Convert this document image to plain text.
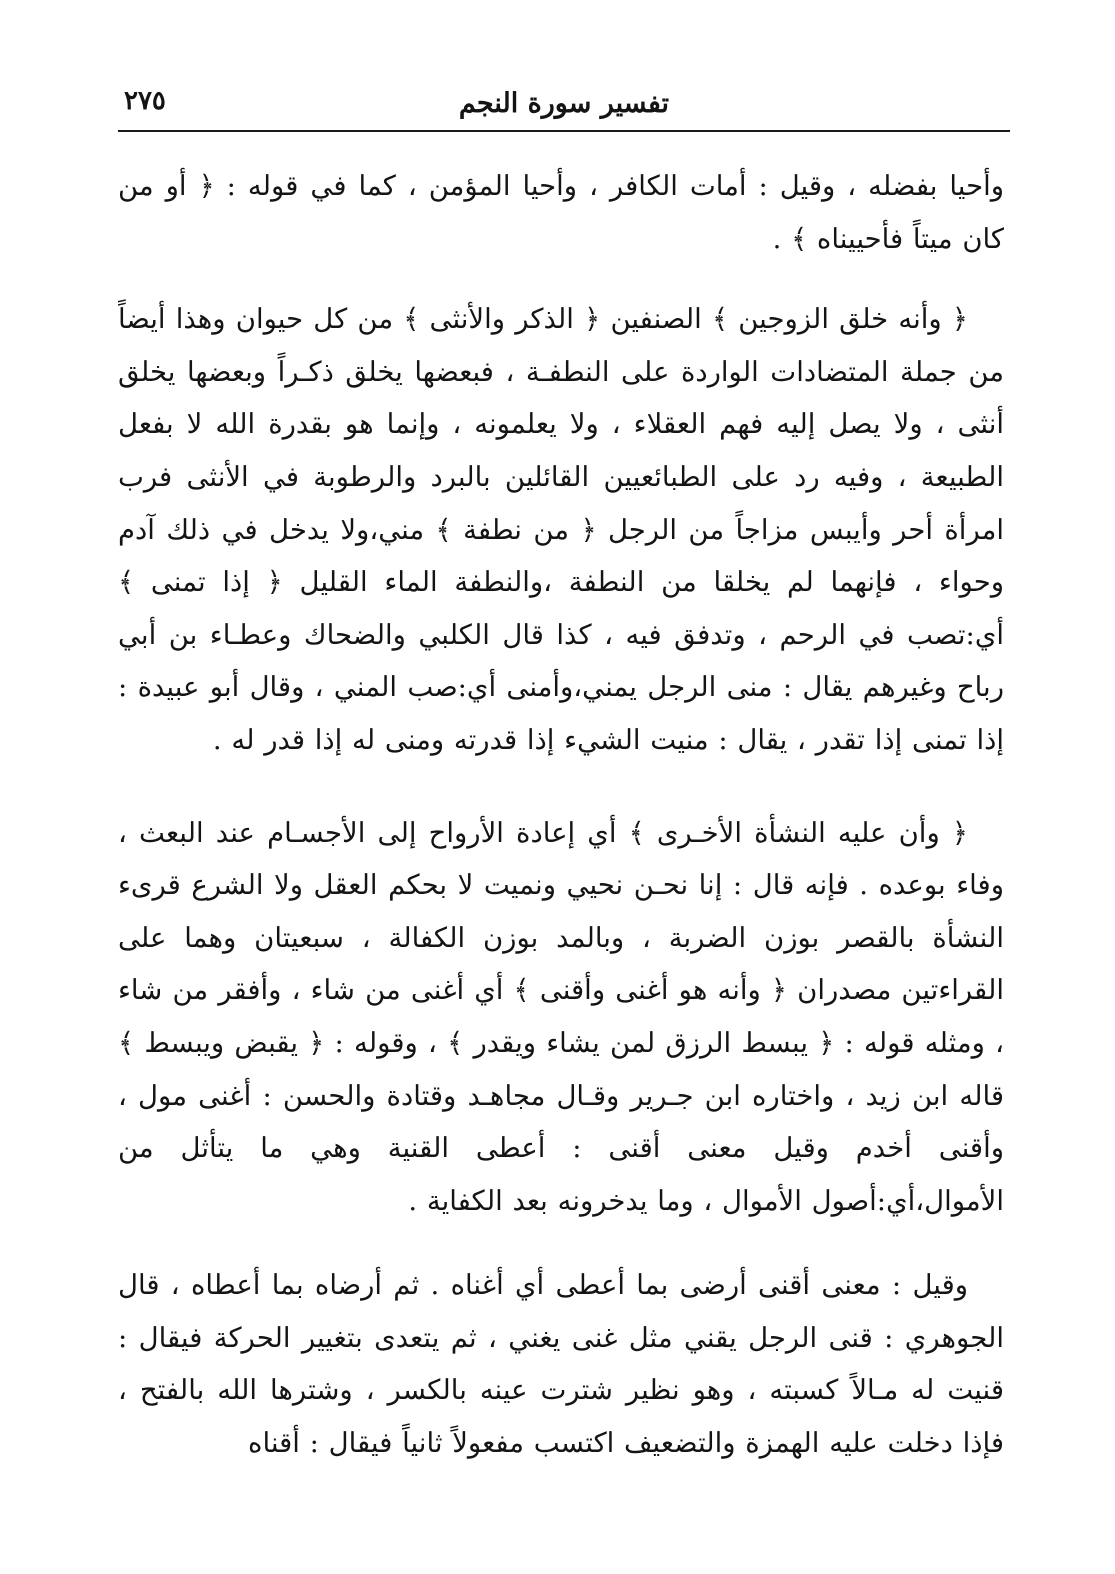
تفسير سورة النجم
٢٧٥

وأحيا بفضله ، وقيل : أمات الكافر ، وأحيا المؤمن ، كما في قوله : ﴿ أو من كان ميتاً فأحييناه ﴾ .

﴿ وأنه خلق الزوجين ﴾ الصنفين ﴿ الذكر والأنثى ﴾ من كل حيوان وهذا أيضاً من جملة المتضادات الواردة على النطفـة ، فبعضها يخلق ذكـراً وبعضها يخلق أنثى ، ولا يصل إليه فهم العقلاء ، ولا يعلمونه ، وإنما هو بقدرة الله لا بفعل الطبيعة ، وفيه رد على الطبائعيين القائلين بالبرد والرطوبة في الأنثى فرب امرأة أحر وأيبس مزاجاً من الرجل ﴿ من نطفة ﴾ مني،ولا يدخل في ذلك آدم وحواء ، فإنهما لم يخلقا من النطفة ،والنطفة الماء القليل ﴿ إذا تمنى ﴾ أي:تصب في الرحم ، وتدفق فيه ، كذا قال الكلبي والضحاك وعطـاء بن أبي رباح وغيرهم يقال : منى الرجل يمني،وأمنى أي:صب المني ، وقال أبو عبيدة : إذا تمنى إذا تقدر ، يقال : منيت الشيء إذا قدرته ومنى له إذا قدر له .

﴿ وأن عليه النشأة الأخـرى ﴾ أي إعادة الأرواح إلى الأجسـام عند البعث ، وفاء بوعده . فإنه قال : إنا نحـن نحيي ونميت لا بحكم العقل ولا الشرع قرىء النشأة بالقصر بوزن الضربة ، وبالمد بوزن الكفالة ، سبعيتان وهما على القراءتين مصدران ﴿ وأنه هو أغنى وأقنى ﴾ أي أغنى من شاء ، وأفقر من شاء ، ومثله قوله : ﴿ يبسط الرزق لمن يشاء ويقدر ﴾ ، وقوله : ﴿ يقبض ويبسط ﴾ قاله ابن زيد ، واختاره ابن جـرير وقـال مجاهـد وقتادة والحسن : أغنى مول ، وأقنى أخدم وقيل معنى أقنى : أعطى القنية وهي ما يتأثل من الأموال،أي:أصول الأموال ، وما يدخرونه بعد الكفاية .

وقيل : معنى أقنى أرضى بما أعطى أي أغناه . ثم أرضاه بما أعطاه ، قال الجوهري : قنى الرجل يقني مثل غنى يغني ، ثم يتعدى بتغيير الحركة فيقال : قنيت له مـالاً كسبته ، وهو نظير شترت عينه بالكسر ، وشترها الله بالفتح ، فإذا دخلت عليه الهمزة والتضعيف اكتسب مفعولاً ثانياً فيقال : أقناه
